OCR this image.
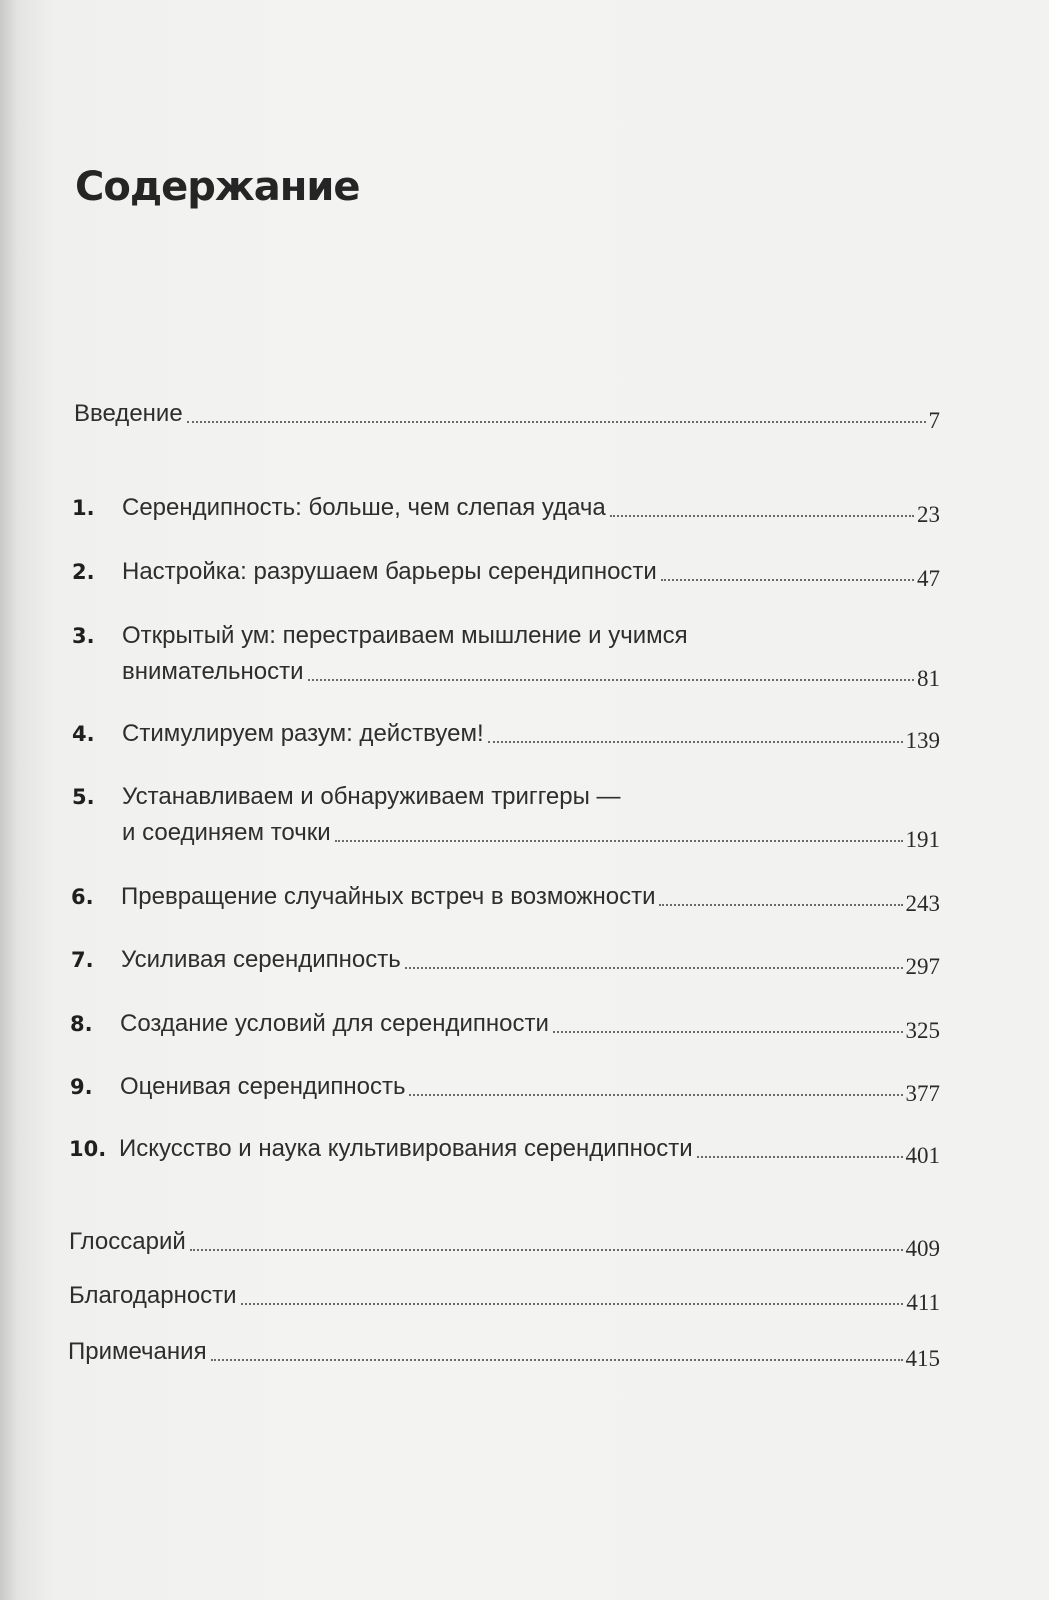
Содержание
Введение	7
1.	Серендипность: больше, чем слепая удача	23
2.	Настройка: разрушаем барьеры серендипности	47
3.	Открытый ум: перестраиваем мышление и учимся
внимательности	81
4.	Стимулируем разум: действуем!	139
5.	Устанавливаем и обнаруживаем триггеры —
и соединяем точки	191
6.	Превращение случайных встреч в возможности	243
7.	Усиливая серендипность	297
8.	Создание условий для серендипности	325
9.	Оценивая серендипность	377
10. Искусство и наука культивирования серендипности	401
Глоссарий	409
Благодарности	411
Примечания	415
